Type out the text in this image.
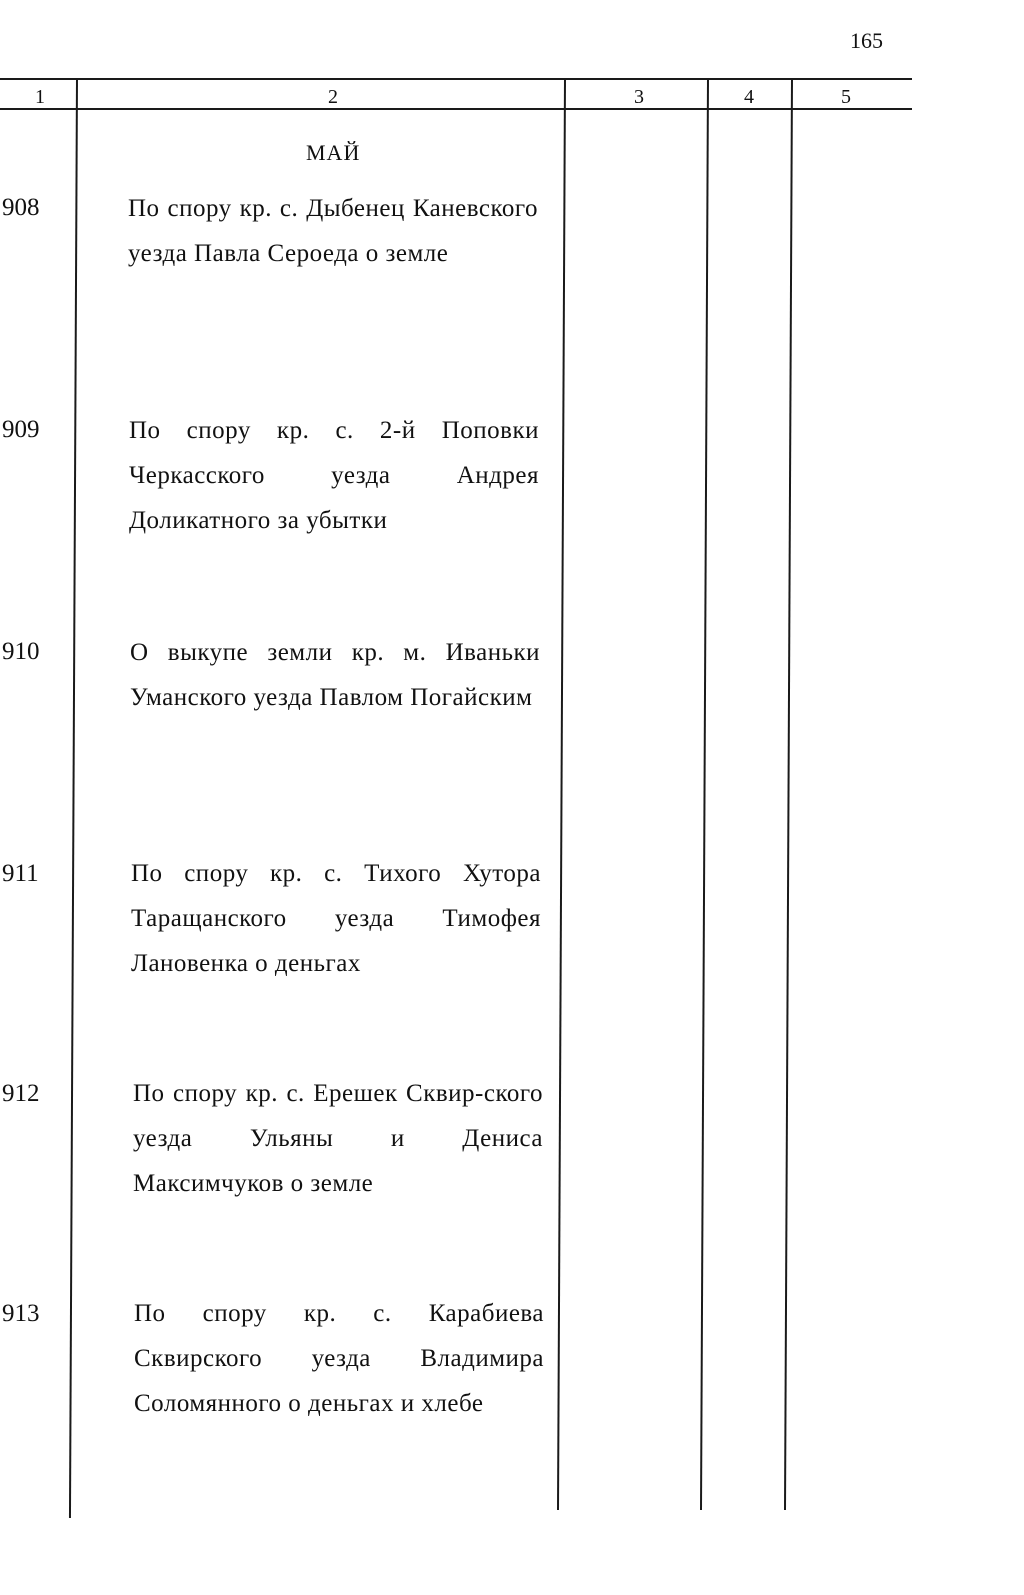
165
1	2	3	4	5
МАЙ
908	По спору кр. с. Дыбенец Каневского уезда Павла Сероеда о земле
909	По спору кр. с. 2-й Поповки Черкасского уезда Андрея Доликатного за убытки
910	О выкупе земли кр. м. Иваньки Уманского уезда Павлом Погайским
911	По спору кр. с. Тихого Хутора Таращанского уезда Тимофея Лановенка о деньгах
912	По спору кр. с. Ерешек Сквир-ского уезда Ульяны и Дениса Максимчуков о земле
913	По спору кр. с. Карабиева Сквирского уезда Владимира Соломянного о деньгах и хлебе
